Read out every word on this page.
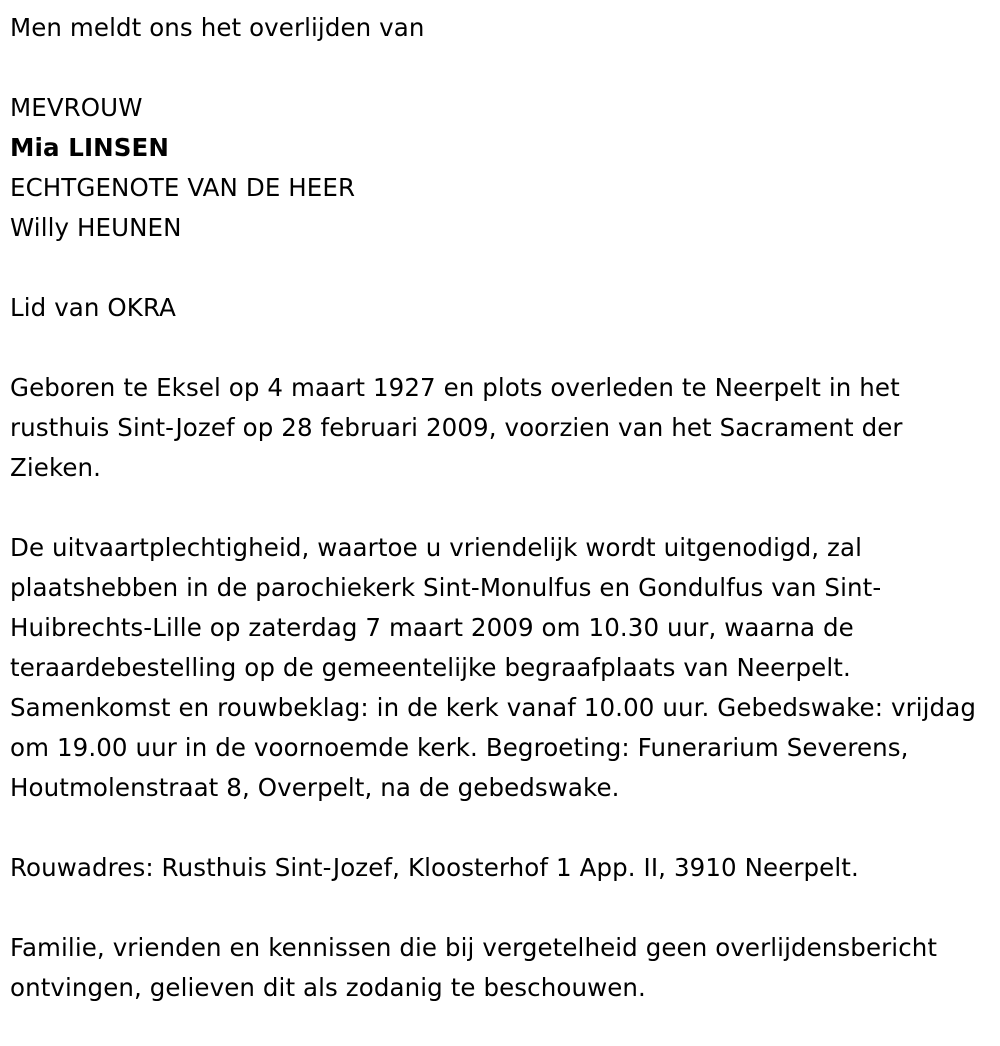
Men meldt ons het overlijden van
MEVROUW
Mia LINSEN
ECHTGENOTE VAN DE HEER
Willy HEUNEN
Lid van OKRA
Geboren te Eksel op 4 maart 1927 en plots overleden te Neerpelt in het rusthuis Sint-Jozef op 28 februari 2009, voorzien van het Sacrament der Zieken.
De uitvaartplechtigheid, waartoe u vriendelijk wordt uitgenodigd, zal plaatshebben in de parochiekerk Sint-Monulfus en Gondulfus van Sint-Huibrechts-Lille op zaterdag 7 maart 2009 om 10.30 uur, waarna de teraardebestelling op de gemeentelijke begraafplaats van Neerpelt. Samenkomst en rouwbeklag: in de kerk vanaf 10.00 uur. Gebedswake: vrijdag om 19.00 uur in de voornoemde kerk. Begroeting: Funerarium Severens, Houtmolenstraat 8, Overpelt, na de gebedswake.
Rouwadres: Rusthuis Sint-Jozef, Kloosterhof 1 App. II, 3910 Neerpelt.
Familie, vrienden en kennissen die bij vergetelheid geen overlijdensbericht ontvingen, gelieven dit als zodanig te beschouwen.
